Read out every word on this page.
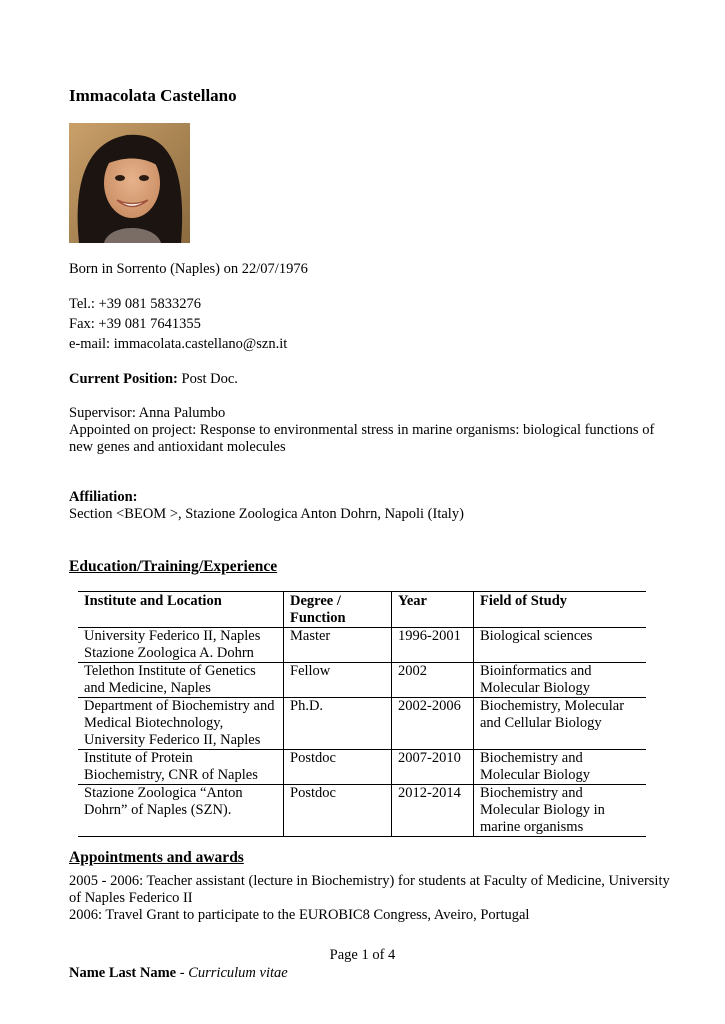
Immacolata Castellano
Born in Sorrento (Naples) on 22/07/1976
Tel.: +39 081 5833276
Fax: +39 081 7641355
e-mail: immacolata.castellano@szn.it
Current Position: Post Doc.
Supervisor: Anna Palumbo
Appointed on project: Response to environmental stress in marine organisms: biological functions of
new genes and antioxidant molecules
Affiliation:
Section <BEOM >, Stazione Zoologica Anton Dohrn, Napoli (Italy)
Education/Training/Experience
Institute and Location	Degree / Function	Year	Field of Study
University Federico II, Naples Stazione Zoologica A. Dohrn	Master	1996-2001	Biological sciences
Telethon Institute of Genetics and Medicine, Naples	Fellow	2002	Bioinformatics and Molecular Biology
Department of Biochemistry and Medical Biotechnology, University Federico II, Naples	Ph.D.	2002-2006	Biochemistry, Molecular and Cellular Biology
Institute of Protein Biochemistry, CNR of Naples	Postdoc	2007-2010	Biochemistry and Molecular Biology
Stazione Zoologica “Anton Dohrn” of Naples (SZN).	Postdoc	2012-2014	Biochemistry and Molecular Biology in marine organisms
Appointments and awards
2005 - 2006: Teacher assistant (lecture in Biochemistry) for students at Faculty of Medicine, University
of Naples Federico II
2006: Travel Grant to participate to the EUROBIC8 Congress, Aveiro, Portugal
Page 1 of 4
Name Last Name - Curriculum vitae
